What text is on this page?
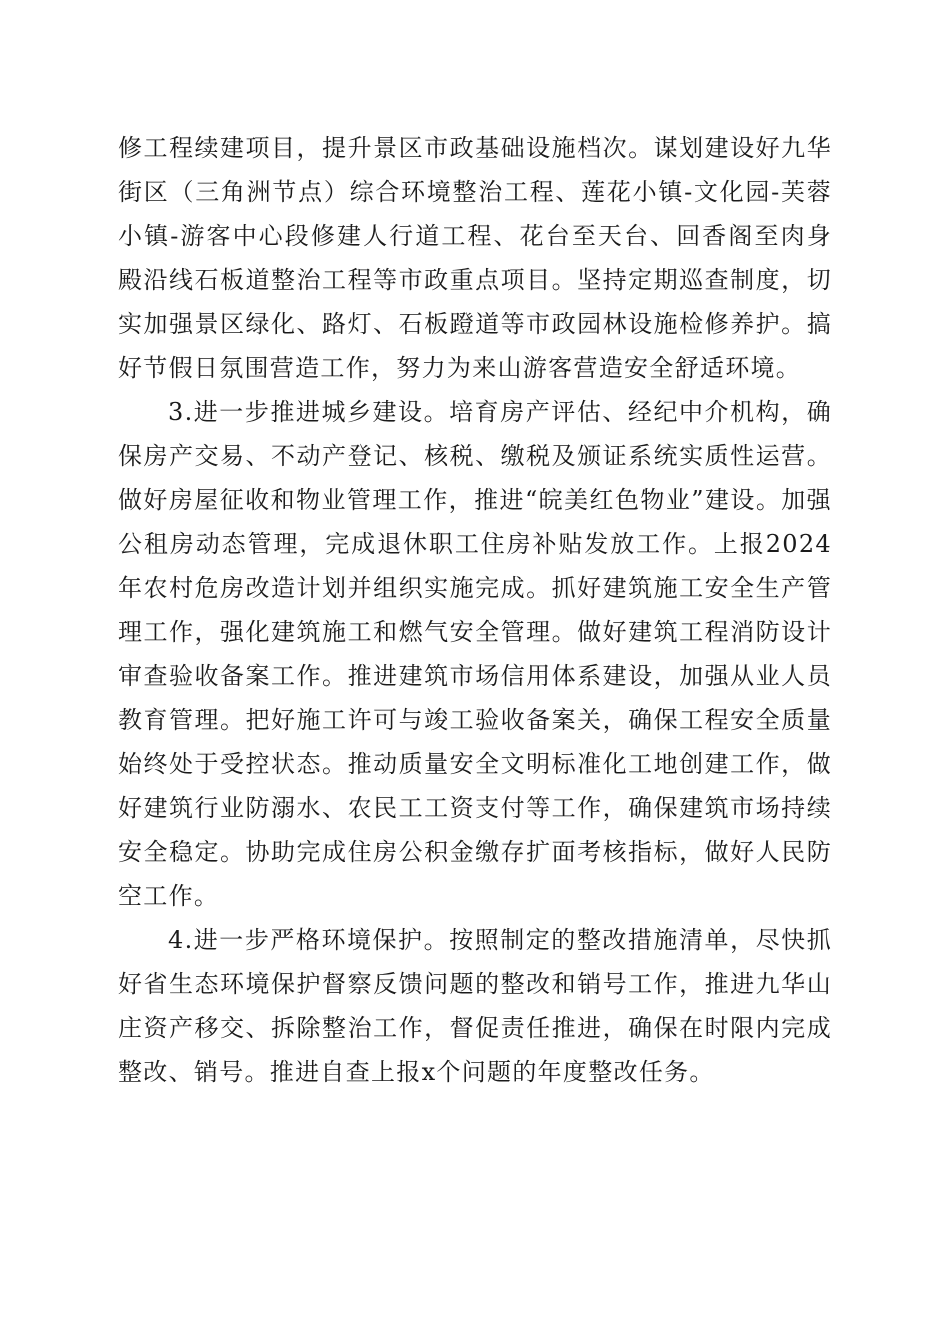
修工程续建项目，提升景区市政基础设施档次。谋划建设好九华街区（三角洲节点）综合环境整治工程、莲花小镇-文化园-芙蓉小镇-游客中心段修建人行道工程、花台至天台、回香阁至肉身殿沿线石板道整治工程等市政重点项目。坚持定期巡查制度，切实加强景区绿化、路灯、石板蹬道等市政园林设施检修养护。搞好节假日氛围营造工作，努力为来山游客营造安全舒适环境。

3.进一步推进城乡建设。培育房产评估、经纪中介机构，确保房产交易、不动产登记、核税、缴税及颁证系统实质性运营。做好房屋征收和物业管理工作，推进“皖美红色物业”建设。加强公租房动态管理，完成退休职工住房补贴发放工作。上报2024年农村危房改造计划并组织实施完成。抓好建筑施工安全生产管理工作，强化建筑施工和燃气安全管理。做好建筑工程消防设计审查验收备案工作。推进建筑市场信用体系建设，加强从业人员教育管理。把好施工许可与竣工验收备案关，确保工程安全质量始终处于受控状态。推动质量安全文明标准化工地创建工作，做好建筑行业防溺水、农民工工资支付等工作，确保建筑市场持续安全稳定。协助完成住房公积金缴存扩面考核指标，做好人民防空工作。

4.进一步严格环境保护。按照制定的整改措施清单，尽快抓好省生态环境保护督察反馈问题的整改和销号工作，推进九华山庄资产移交、拆除整治工作，督促责任推进，确保在时限内完成整改、销号。推进自查上报x个问题的年度整改任务。
